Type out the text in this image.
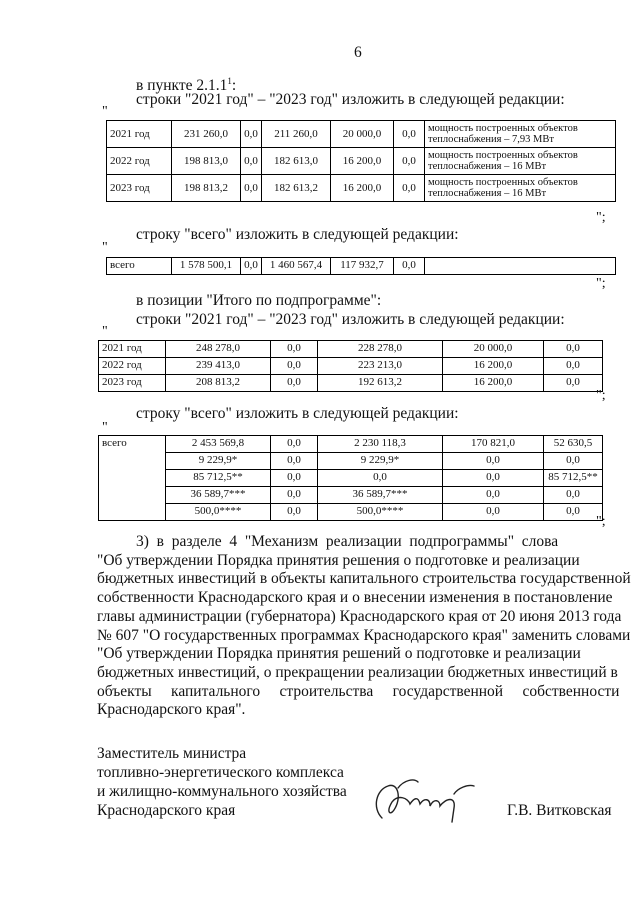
6
в пункте 2.1.1$^1$:
строки "2021 год" – "2023 год" изложить в следующей редакции:
"
2021 год	231 260,0	0,0	211 260,0	20 000,0	0,0	мощность построенных объектов
теплоснабжения – 7,93 МВт

2022 год	198 813,0	0,0	182 613,0	16 200,0	0,0	мощность построенных объектов
теплоснабжения – 16 МВт

2023 год	198 813,2	0,0	182 613,2	16 200,0	0,0	мощность построенных объектов
теплоснабжения – 16 МВт
";
строку "всего" изложить в следующей редакции:
"
всего	1 578 500,1	0,0	1 460 567,4	117 932,7	0,0	
";
в позиции "Итого по подпрограмме":
строки "2021 год" – "2023 год" изложить в следующей редакции:
"
2021 год	248 278,0	0,0	228 278,0	20 000,0	0,0
2022 год	239 413,0	0,0	223 213,0	16 200,0	0,0
2023 год	208 813,2	0,0	192 613,2	16 200,0	0,0
";
строку "всего" изложить в следующей редакции:
"
всего	2 453 569,8	0,0	2 230 118,3	170 821,0	52 630,5
	9 229,9*	0,0	9 229,9*	0,0	0,0
	85 712,5**	0,0	0,0	0,0	85 712,5**
	36 589,7***	0,0	36 589,7***	0,0	0,0
	500,0****	0,0	500,0****	0,0	0,0
";
3)  в  разделе  4  "Механизм  реализации  подпрограммы"  слова
"Об утверждении Порядка принятия решения о подготовке и реализации
бюджетных инвестиций в объекты капитального строительства государственной
собственности Краснодарского края и о внесении изменения в постановление
главы администрации (губернатора) Краснодарского края от 20 июня 2013 года
№ 607 "О государственных программах Краснодарского края" заменить словами
"Об утверждении Порядка принятия решений о подготовке и реализации
бюджетных инвестиций, о прекращении реализации бюджетных инвестиций в
объекты     капитального     строительства     государственной     собственности
Краснодарского края".
Заместитель министра
топливно-энергетического комплекса
и жилищно-коммунального хозяйства
Краснодарского края	Г.В. Витковская
